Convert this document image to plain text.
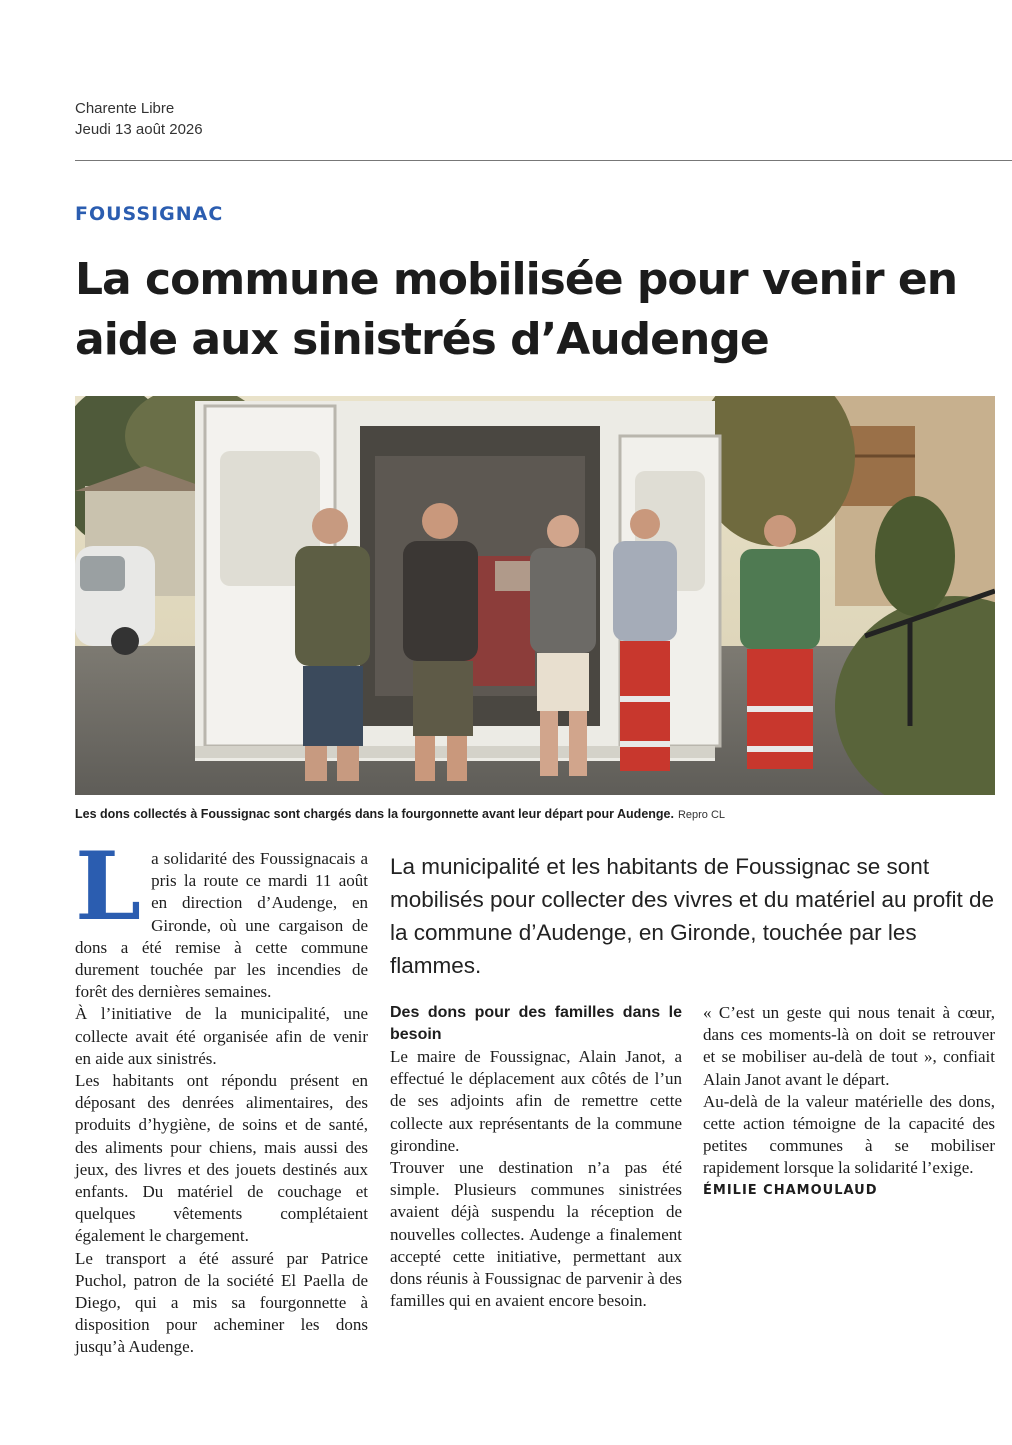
Charente Libre
Jeudi 13 août 2026
FOUSSIGNAC
La commune mobilisée pour venir en aide aux sinistrés d’Audenge
Les dons collectés à Foussignac sont chargés dans la fourgonnette avant leur départ pour Audenge. Repro CL

La municipalité et les habitants de Foussignac se sont mobilisés pour collecter des vivres et du matériel au profit de la commune d’Audenge, en Gironde, touchée par les flammes.

La solidarité des Foussignacais a pris la route ce mardi 11 août en direction d’Audenge, en Gironde, où une cargaison de dons a été remise à cette commune durement touchée par les incendies de forêt des dernières semaines.

À l’initiative de la municipalité, une collecte avait été organisée afin de venir en aide aux sinistrés.

Les habitants ont répondu présent en déposant des denrées alimentaires, des produits d’hygiène, de soins et de santé, des aliments pour chiens, mais aussi des jeux, des livres et des jouets destinés aux enfants. Du matériel de couchage et quelques vêtements complétaient également le chargement.

Le transport a été assuré par Patrice Puchol, patron de la société El Paella de Diego, qui a mis sa fourgonnette à disposition pour acheminer les dons jusqu’à Audenge.

Des dons pour des familles dans le besoin

Le maire de Foussignac, Alain Janot, a effectué le déplacement aux côtés de l’un de ses adjoints afin de remettre cette collecte aux représentants de la commune girondine.

Trouver une destination n’a pas été simple. Plusieurs communes sinistrées avaient déjà suspendu la réception de nouvelles collectes. Audenge a finalement accepté cette initiative, permettant aux dons réunis à Foussignac de parvenir à des familles qui en avaient encore besoin.

« C’est un geste qui nous tenait à cœur, dans ces moments-là on doit se retrouver et se mobiliser au-delà de tout », confiait Alain Janot avant le départ.

Au-delà de la valeur matérielle des dons, cette action témoigne de la capacité des petites communes à se mobiliser rapidement lorsque la solidarité l’exige.

ÉMILIE CHAMOULAUD
